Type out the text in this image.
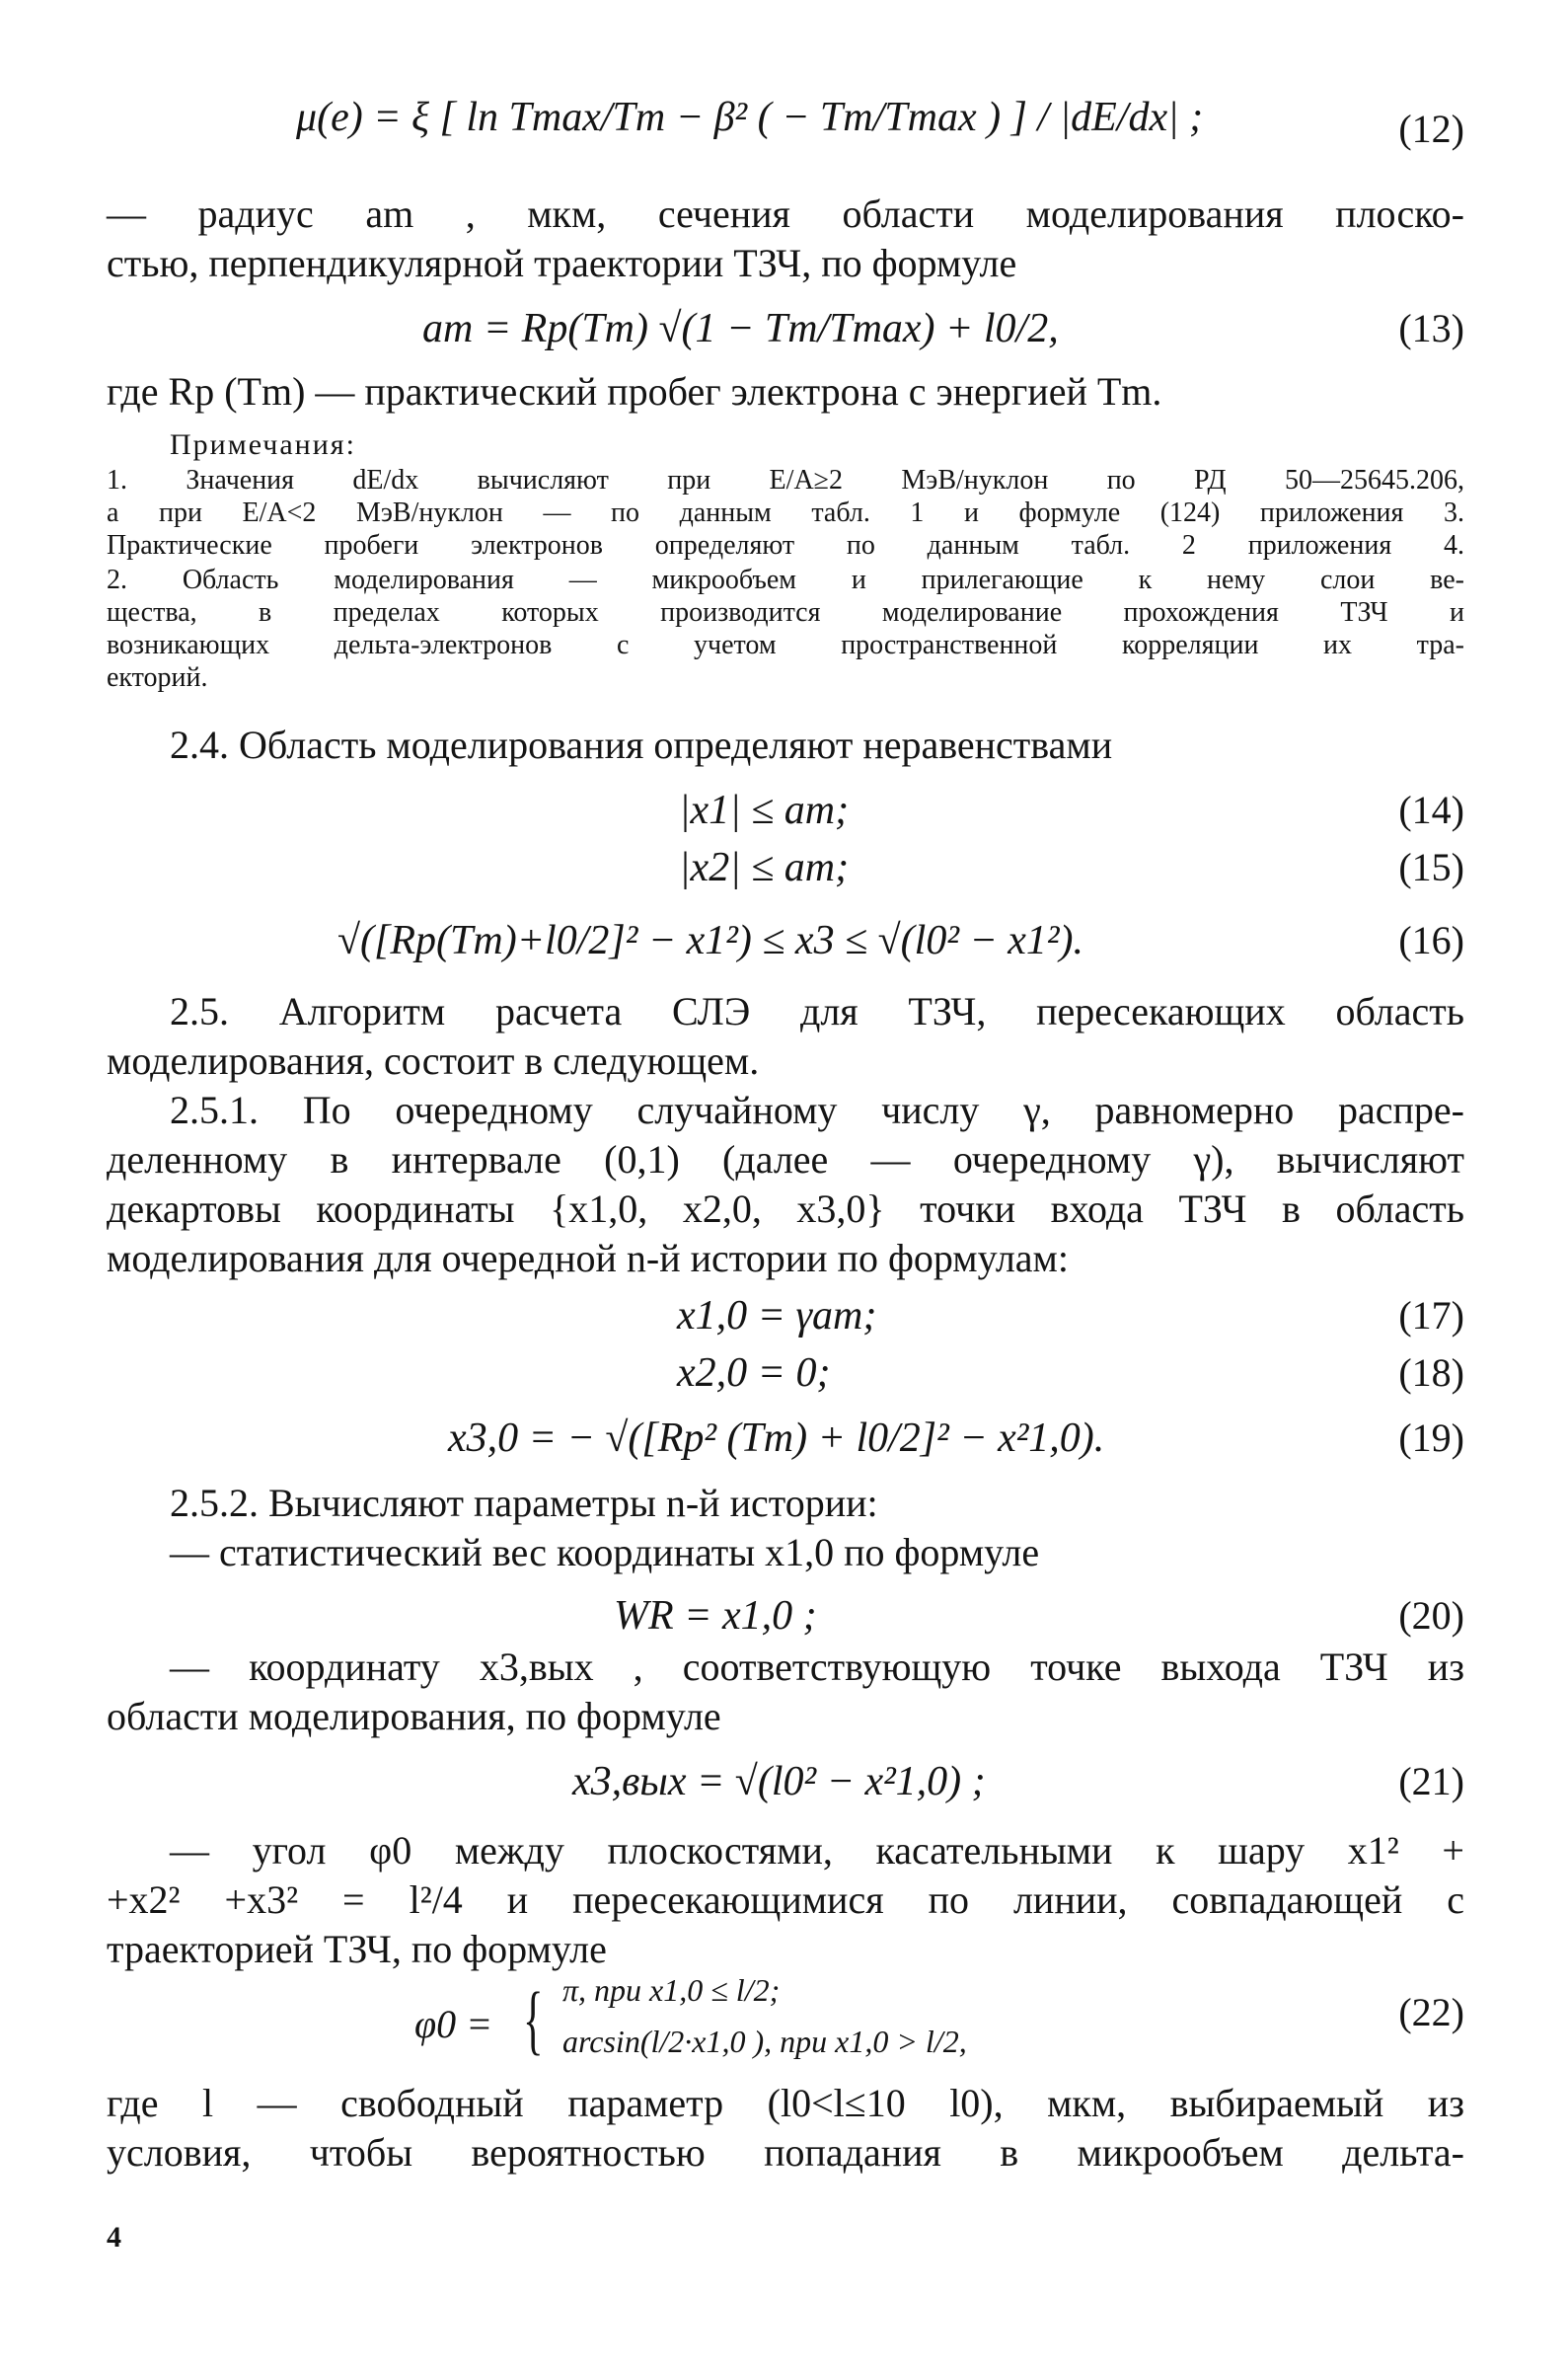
μ(e) = ξ [ ln Tmax/Tm − β² ( − Tm/Tmax ) ] / |dE/dx| ;	(12)
— радиус am , мкм, сечения области моделирования плоско-
стью, перпендикулярной траектории ТЗЧ, по формуле
am = Rp(Tm) √(1 − Tm/Tmax) + l0/2,	(13)
где Rp (Tm) — практический пробег электрона с энергией Tm.
Примечания:
1. Значения dE/dx вычисляют при E/A≥2 МэВ/нуклон по РД 50—25645.206,
а при E/A<2 МэВ/нуклон — по данным табл. 1 и формуле (124) приложения 3.
Практические пробеги электронов определяют по данным табл. 2 приложения 4.
2. Область моделирования — микрообъем и прилегающие к нему слои ве-
щества, в пределах которых производится моделирование прохождения ТЗЧ и
возникающих дельта-электронов с учетом пространственной корреляции их тра-
екторий.
2.4. Область моделирования определяют неравенствами
|x1| ≤ am;	(14)
|x2| ≤ am;	(15)
√([Rp(Tm)+l0/2]² − x1²) ≤ x3 ≤ √(l0² − x1²).	(16)
2.5. Алгоритм расчета СЛЭ для ТЗЧ, пересекающих область
моделирования, состоит в следующем.
2.5.1. По очередному случайному числу γ, равномерно распре-
деленному в интервале (0,1) (далее — очередному γ), вычисляют
декартовы координаты {x1,0, x2,0, x3,0} точки входа ТЗЧ в область
моделирования для очередной n-й истории по формулам:
x1,0 = γam;	(17)
x2,0 = 0;	(18)
x3,0 = − √([Rp² (Tm) + l0/2]² − x²1,0).	(19)
2.5.2. Вычисляют параметры n-й истории:
— статистический вес координаты x1,0 по формуле
WR = x1,0 ;	(20)
— координату x3,вых , соответствующую точке выхода ТЗЧ из
области моделирования, по формуле
x3,вых = √(l0² − x²1,0) ;	(21)
— угол φ0 между плоскостями, касательными к шару x1² +
+x2² +x3² = l²/4 и пересекающимися по линии, совпадающей с
траекторией ТЗЧ, по формуле
φ0 = { π, при x1,0 ≤ l/2;
arcsin(l/2·x1,0 ), при x1,0 > l/2,
(22)
где l — свободный параметр (l0<l≤10 l0), мкм, выбираемый из
условия, чтобы вероятностью попадания в микрообъем дельта-
4
